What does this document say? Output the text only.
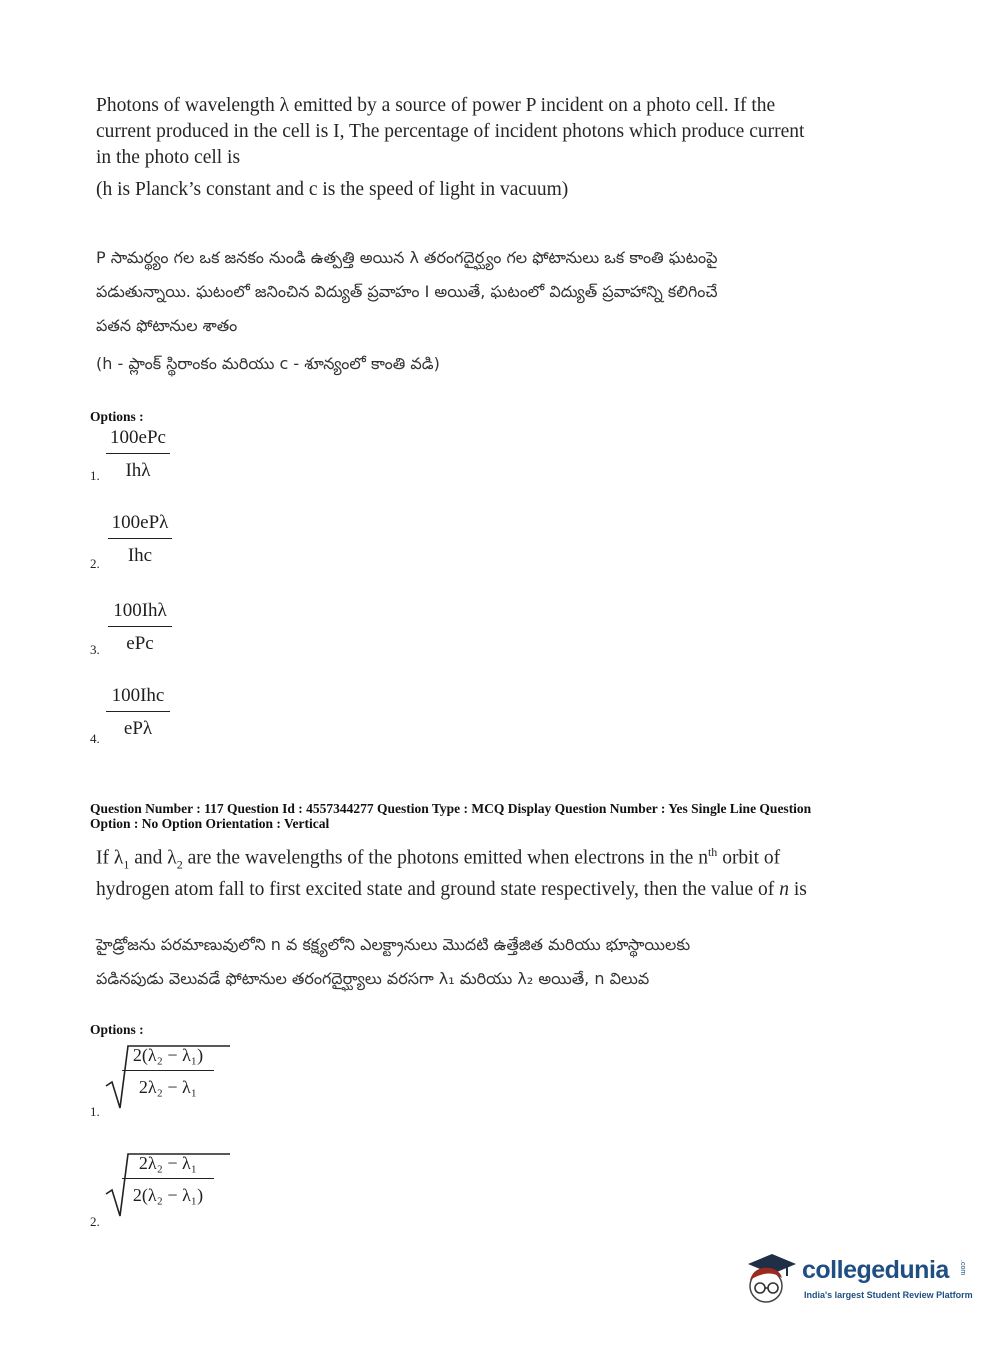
Photons of wavelength λ emitted by a source of power P incident on a photo cell. If the
current produced in the cell is I, The percentage of incident photons which produce current
in the photo cell is
(h is Planck’s constant and c is the speed of light in vacuum)
P సామర్థ్యం గల ఒక జనకం నుండి ఉత్పత్తి అయిన λ తరంగదైర్ఘ్యం గల ఫోటానులు ఒక కాంతి ఘటంపై
పడుతున్నాయి. ఘటంలో జనించిన విద్యుత్ ప్రవాహం I అయితే, ఘటంలో విద్యుత్ ప్రవాహాన్ని కలిగించే
పతన ఫోటానుల శాతం
(h - ప్లాంక్ స్థిరాంకం మరియు c - శూన్యంలో కాంతి వడి)
Options :
100ePc
Ihλ
1.
100ePλ
Ihc
2.
100Ihλ
ePc
3.
100Ihc
ePλ
4.
Question Number : 117 Question Id : 4557344277 Question Type : MCQ Display Question Number : Yes Single Line Question
Option : No Option Orientation : Vertical
If $\lambda_1$ and $\lambda_2$ are the wavelengths of the photons emitted when electrons in the $n^{th}$ orbit of
hydrogen atom fall to first excited state and ground state respectively, then the value of n is
హైడ్రోజను పరమాణువులోని n వ కక్ష్యలోని ఎలక్ట్రానులు మొదటి ఉత్తేజిత మరియు భూస్థాయిలకు
పడినపుడు వెలువడే ఫోటానుల తరంగదైర్ఘ్యాలు వరసగా λ₁ మరియు λ₂ అయితే, n విలువ
Options :
$\frac{\text{2(λ₂ − λ₁)}}{\text{2λ₂ − λ₁}}$
1.
$\frac{\text{2λ₂ − λ₁}}{\text{2(λ₂ − λ₁)}}$
2.
collegedunia .com
India's largest Student Review Platform
